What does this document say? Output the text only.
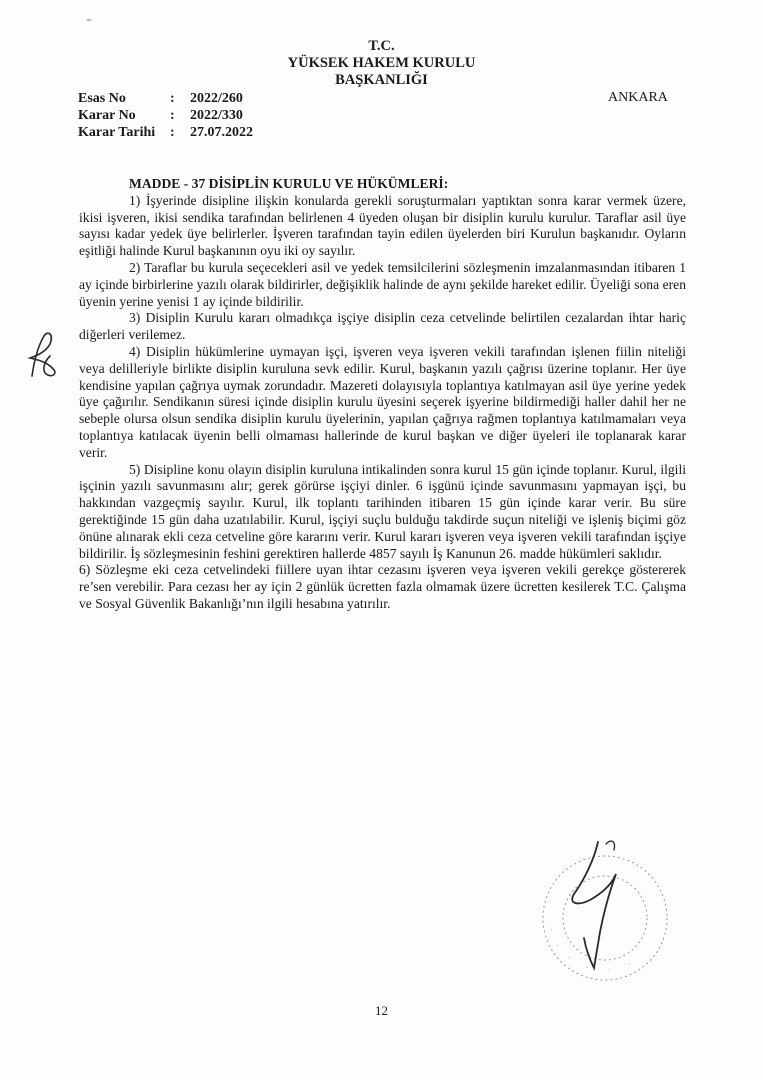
T.C.
YÜKSEK HAKEM KURULU
BAŞKANLIĞI
Esas No	:	2022/260
Karar No	:	2022/330
Karar Tarihi	:	27.07.2022
ANKARA

MADDE - 37 DİSİPLİN KURULU VE HÜKÜMLERİ:

1) İşyerinde disipline ilişkin konularda gerekli soruşturmaları yaptıktan sonra karar vermek üzere, ikisi işveren, ikisi sendika tarafından belirlenen 4 üyeden oluşan bir disiplin kurulu kurulur. Taraflar asil üye sayısı kadar yedek üye belirlerler. İşveren tarafından tayin edilen üyelerden biri Kurulun başkanıdır. Oyların eşitliği halinde Kurul başkanının oyu iki oy sayılır.

2) Taraflar bu kurula seçecekleri asil ve yedek temsilcilerini sözleşmenin imzalanmasından itibaren 1 ay içinde birbirlerine yazılı olarak bildirirler, değişiklik halinde de aynı şekilde hareket edilir. Üyeliği sona eren üyenin yerine yenisi 1 ay içinde bildirilir.

3) Disiplin Kurulu kararı olmadıkça işçiye disiplin ceza cetvelinde belirtilen cezalardan ihtar hariç diğerleri verilemez.

4) Disiplin hükümlerine uymayan işçi, işveren veya işveren vekili tarafından işlenen fiilin niteliği veya delilleriyle birlikte disiplin kuruluna sevk edilir. Kurul, başkanın yazılı çağrısı üzerine toplanır. Her üye kendisine yapılan çağrıya uymak zorundadır. Mazereti dolayısıyla toplantıya katılmayan asil üye yerine yedek üye çağırılır. Sendikanın süresi içinde disiplin kurulu üyesini seçerek işyerine bildirmediği haller dahil her ne sebeple olursa olsun sendika disiplin kurulu üyelerinin, yapılan çağrıya rağmen toplantıya katılmamaları veya toplantıya katılacak üyenin belli olmaması hallerinde de kurul başkan ve diğer üyeleri ile toplanarak karar verir.

5) Disipline konu olayın disiplin kuruluna intikalinden sonra kurul 15 gün içinde toplanır. Kurul, ilgili işçinin yazılı savunmasını alır; gerek görürse işçiyi dinler. 6 işgünü içinde savunmasını yapmayan işçi, bu hakkından vazgeçmiş sayılır. Kurul, ilk toplantı tarihinden itibaren 15 gün içinde karar verir. Bu süre gerektiğinde 15 gün daha uzatılabilir. Kurul, işçiyi suçlu bulduğu takdirde suçun niteliği ve işleniş biçimi göz önüne alınarak ekli ceza cetveline göre kararını verir. Kurul kararı işveren veya işveren vekili tarafından işçiye bildirilir. İş sözleşmesinin feshini gerektiren hallerde 4857 sayılı İş Kanunun 26. madde hükümleri saklıdır.

6) Sözleşme eki ceza cetvelindeki fiillere uyan ihtar cezasını işveren veya işveren vekili gerekçe göstererek re’sen verebilir. Para cezası her ay için 2 günlük ücretten fazla olmamak üzere ücretten kesilerek T.C. Çalışma ve Sosyal Güvenlik Bakanlığı’nın ilgili hesabına yatırılır.

·
·
·
·	·
·
12
